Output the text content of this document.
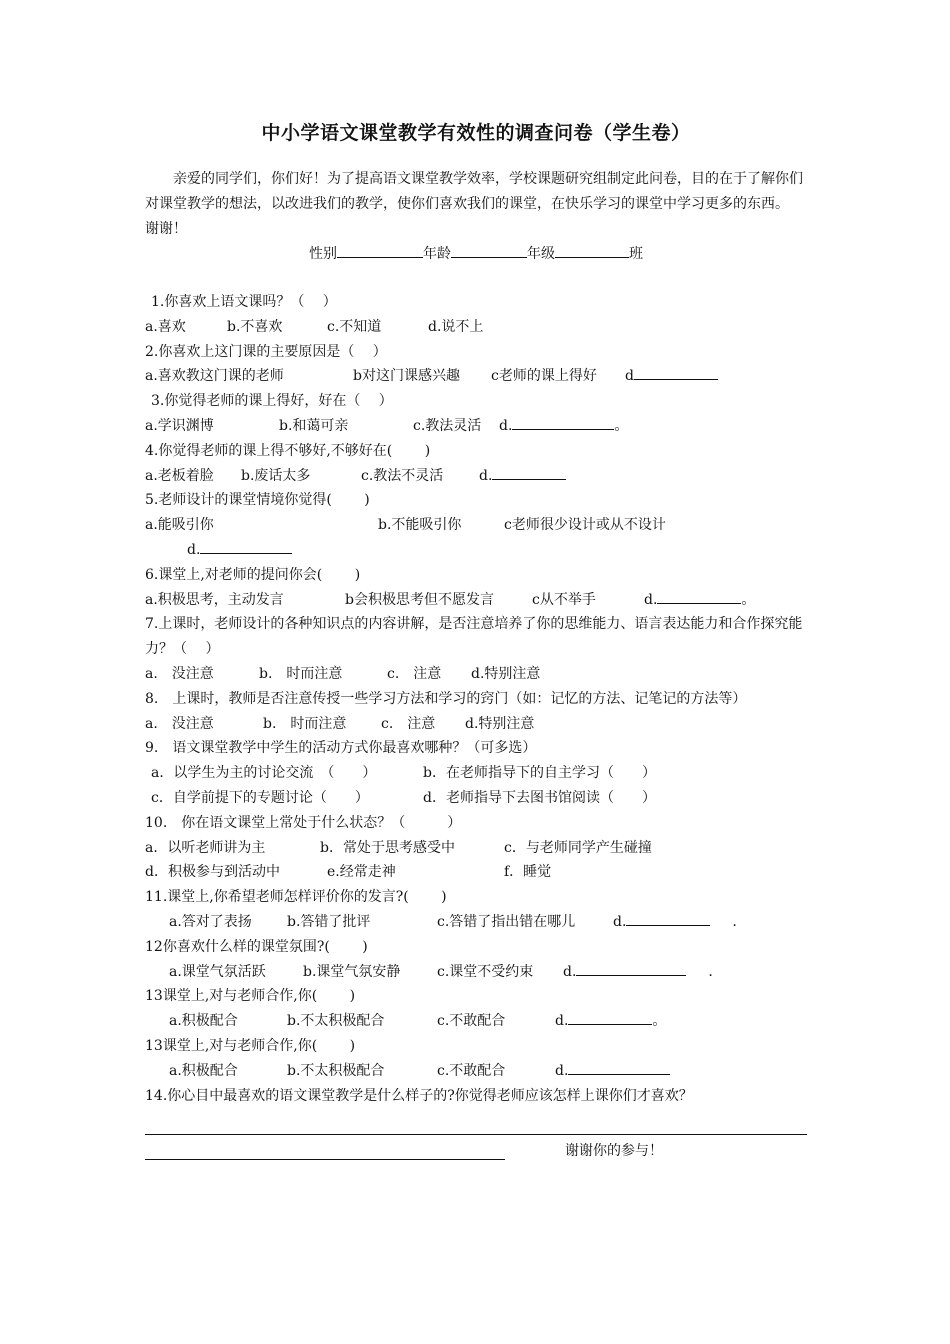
中小学语文课堂教学有效性的调查问卷（学生卷）

亲爱的同学们，你们好！为了提高语文课堂教学效率，学校课题研究组制定此问卷，目的在于了解你们对课堂教学的想法，以改进我们的教学，使你们喜欢我们的课堂，在快乐学习的课堂中学习更多的东西。　 谢谢！

性别	年龄	年级	班

1.你喜欢上语文课吗？（　 ）

a.喜欢	b.不喜欢	c.不知道	d.说不上

2.你喜欢上这门课的主要原因是（　 ）

a.喜欢教这门课的老师	b对这门课感兴趣 c老师的课上得好 d

3.你觉得老师的课上得好，好在（　 ）

a.学识渊博	b.和蔼可亲	c.教法灵活 d.	。

4.你觉得老师的课上得不够好,不够好在(　 　)

a.老板着脸 b.废话太多	c.教法不灵活	d.

5.老师设计的课堂情境你觉得(　 　)

a.能吸引你	b.不能吸引你	c老师很少设计或从不设计

d.

6.课堂上,对老师的提问你会(　 　)

a.积极思考，主动发言	b会积极思考但不愿发言	c从不举手	d.	。

7.上课时，老师设计的各种知识点的内容讲解，是否注意培养了你的思维能力、语言表达能力和合作探究能力？（　 ）

a.　没注意	b.　时而注意	c.　注意 d.特别注意

8.　上课时，教师是否注意传授一些学习方法和学习的窍门（如：记忆的方法、记笔记的方法等）a.　没注意	b.　时而注意 c.　注意 d.特别注意

9.　语文课堂教学中学生的活动方式你最喜欢哪种？（可多选）

a．以学生为主的讨论交流　（　　）	b．在老师指导下的自主学习（　　）

c．自学前提下的专题讨论（　　）	d．老师指导下去图书馆阅读（　　）

10.　你在语文课堂上常处于什么状态？（　　　）

a．以听老师讲为主	b．常处于思考感受中	c．与老师同学产生碰撞

d．积极参与到活动中	e.经常走神	f．睡觉

11.课堂上,你希望老师怎样评价你的发言?(　 　)

a.答对了表扬	b.答错了批评	c.答错了指出错在哪儿	d.	.

12你喜欢什么样的课堂氛围?(　 　)

a.课堂气氛活跃	b.课堂气氛安静	c.课堂不受约束 d.	.

13课堂上,对与老师合作,你(　 　)

a.积极配合	b.不太积极配合	c.不敢配合	d.	。

13课堂上,对与老师合作,你(　 　)

a.积极配合	b.不太积极配合	c.不敢配合	d.

14.你心目中最喜欢的语文课堂教学是什么样子的?你觉得老师应该怎样上课你们才喜欢？

谢谢你的参与！
